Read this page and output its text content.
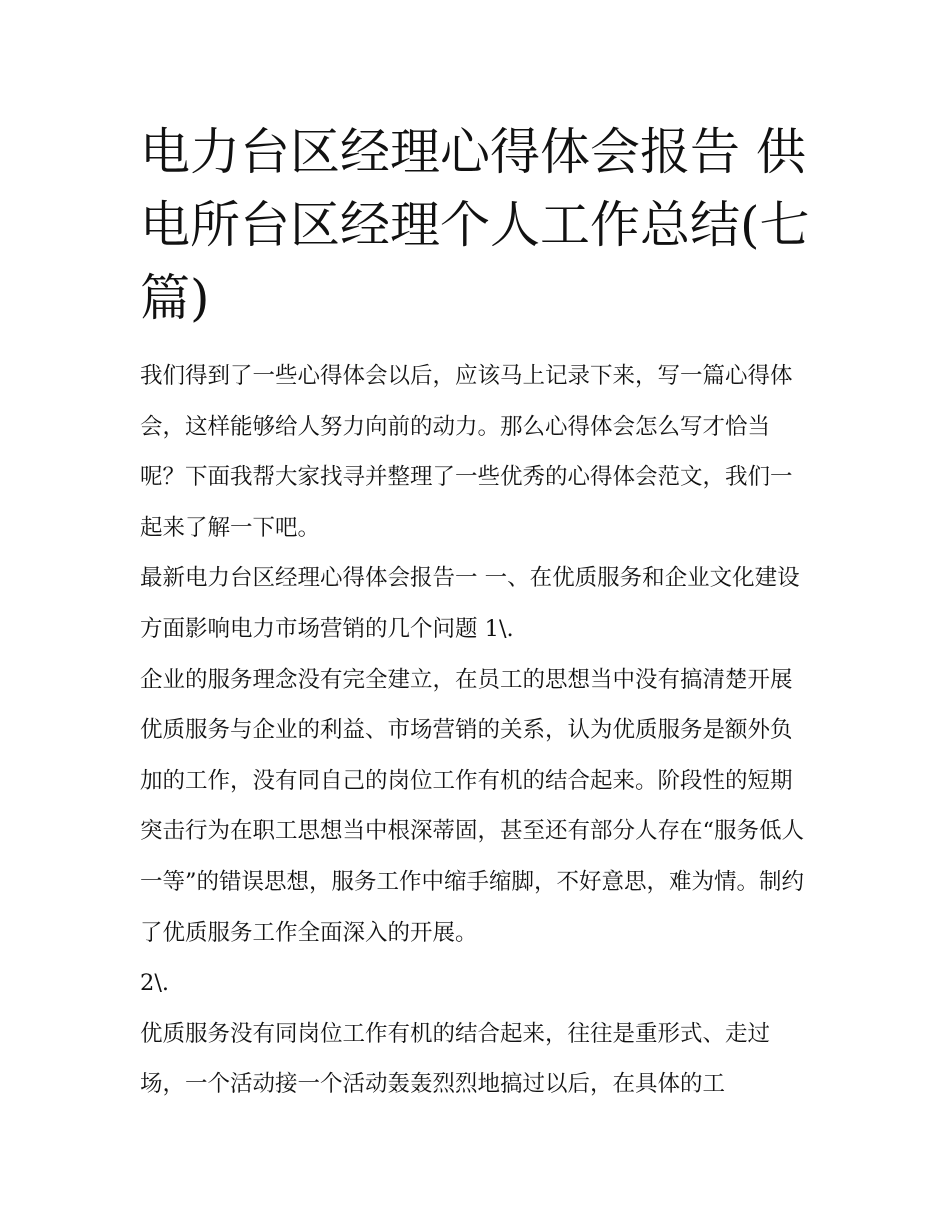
电力台区经理心得体会报告 供电所台区经理个人工作总结(七篇)

我们得到了一些心得体会以后，应该马上记录下来，写一篇心得体会，这样能够给人努力向前的动力。那么心得体会怎么写才恰当呢？下面我帮大家找寻并整理了一些优秀的心得体会范文，我们一起来了解一下吧。

最新电力台区经理心得体会报告一 一、在优质服务和企业文化建设方面影响电力市场营销的几个问题 1\.

企业的服务理念没有完全建立，在员工的思想当中没有搞清楚开展优质服务与企业的利益、市场营销的关系，认为优质服务是额外负加的工作，没有同自己的岗位工作有机的结合起来。阶段性的短期突击行为在职工思想当中根深蒂固，甚至还有部分人存在“服务低人一等”的错误思想，服务工作中缩手缩脚，不好意思，难为情。制约了优质服务工作全面深入的开展。

2\.

优质服务没有同岗位工作有机的结合起来，往往是重形式、走过场，一个活动接一个活动轰轰烈烈地搞过以后，在具体的工
